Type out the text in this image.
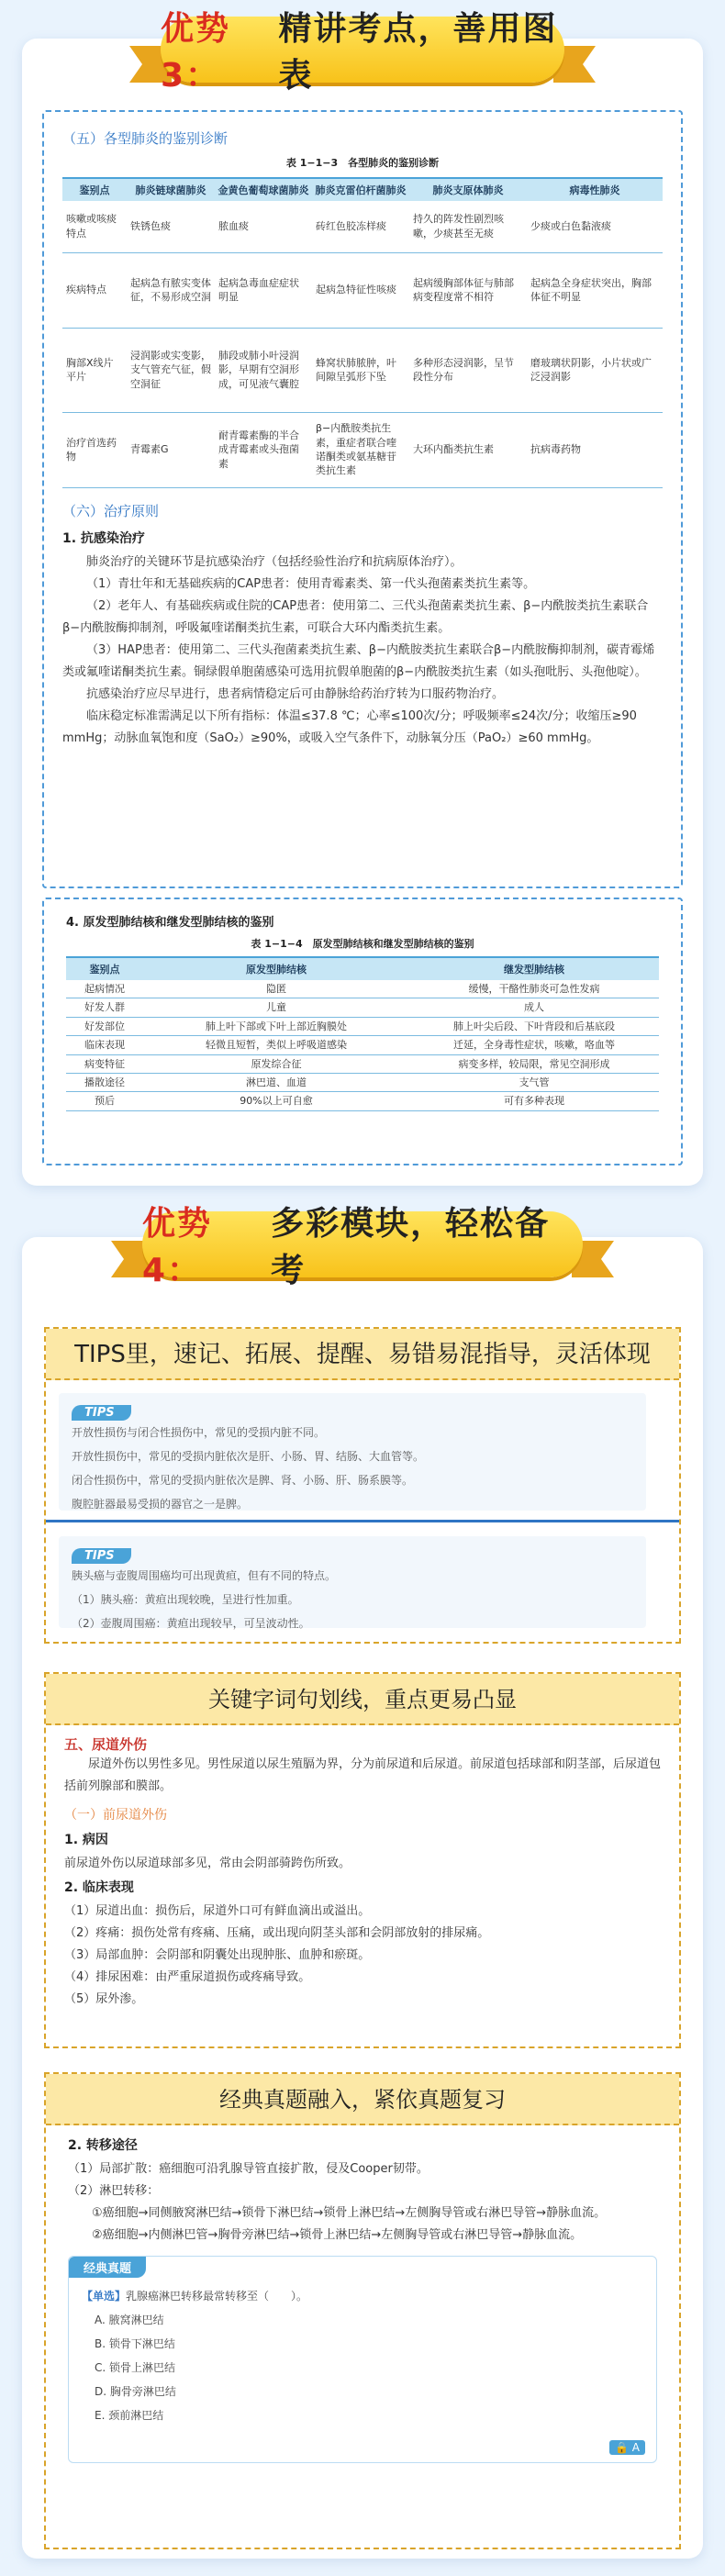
优势3：
精讲考点，善用图表
（五）各型肺炎的鉴别诊断
表 1−1−3　各型肺炎的鉴别诊断
鉴别点	肺炎链球菌肺炎	金黄色葡萄球菌肺炎	肺炎克雷伯杆菌肺炎	肺炎支原体肺炎	病毒性肺炎
咳嗽或咳痰特点	铁锈色痰	脓血痰	砖红色胶冻样痰	持久的阵发性剧烈咳嗽，少痰甚至无痰	少痰或白色黏液痰
疾病特点	起病急有脓实变体征，不易形成空洞	起病急毒血症症状明显	起病急特征性咳痰	起病缓胸部体征与肺部病变程度常不相符	起病急全身症状突出，胸部体征不明显
胸部X线片平片	浸润影或实变影，支气管充气征，假空洞征	肺段或肺小叶浸润影，早期有空洞形成，可见液气囊腔	蜂窝状肺脓肿，叶间隙呈弧形下坠	多种形态浸润影，呈节段性分布	磨玻璃状阴影，小片状或广泛浸润影
治疗首选药物	青霉素G	耐青霉素酶的半合成青霉素或头孢菌素	β−内酰胺类抗生素，重症者联合喹诺酮类或氨基糖苷类抗生素	大环内酯类抗生素	抗病毒药物
（六）治疗原则
1. 抗感染治疗

肺炎治疗的关键环节是抗感染治疗（包括经验性治疗和抗病原体治疗）。

（1）青壮年和无基础疾病的CAP患者：使用青霉素类、第一代头孢菌素类抗生素等。

（2）老年人、有基础疾病或住院的CAP患者：使用第二、三代头孢菌素类抗生素、β−内酰胺类抗生素联合β−内酰胺酶抑制剂，呼吸氟喹诺酮类抗生素，可联合大环内酯类抗生素。

（3）HAP患者：使用第二、三代头孢菌素类抗生素、β−内酰胺类抗生素联合β−内酰胺酶抑制剂，碳青霉烯类或氟喹诺酮类抗生素。铜绿假单胞菌感染可选用抗假单胞菌的β−内酰胺类抗生素（如头孢吡肟、头孢他啶）。

抗感染治疗应尽早进行，患者病情稳定后可由静脉给药治疗转为口服药物治疗。

临床稳定标准需满足以下所有指标：体温≤37.8 ℃；心率≤100次/分；呼吸频率≤24次/分；收缩压≥90 mmHg；动脉血氧饱和度（SaO₂）≥90%，或吸入空气条件下，动脉氧分压（PaO₂）≥60 mmHg。

4. 原发型肺结核和继发型肺结核的鉴别
表 1−1−4　原发型肺结核和继发型肺结核的鉴别
鉴别点	原发型肺结核	继发型肺结核
起病情况	隐匿	缓慢，干酪性肺炎可急性发病
好发人群	儿童	成人
好发部位	肺上叶下部或下叶上部近胸膜处	肺上叶尖后段、下叶背段和后基底段
临床表现	轻微且短暂，类似上呼吸道感染	迁延，全身毒性症状，咳嗽，咯血等
病变特征	原发综合征	病变多样，较局限，常见空洞形成
播散途径	淋巴道、血道	支气管
预后	90%以上可自愈	可有多种表现
优势4：
多彩模块，轻松备考
TIPS里，速记、拓展、提醒、易错易混指导，灵活体现
TIPS
开放性损伤与闭合性损伤中，常见的受损内脏不同。
开放性损伤中，常见的受损内脏依次是肝、小肠、胃、结肠、大血管等。
闭合性损伤中，常见的受损内脏依次是脾、肾、小肠、肝、肠系膜等。
腹腔脏器最易受损的器官之一是脾。
TIPS
胰头癌与壶腹周围癌均可出现黄疸，但有不同的特点。
（1）胰头癌：黄疸出现较晚，呈进行性加重。
（2）壶腹周围癌：黄疸出现较早，可呈波动性。
关键字词句划线，重点更易凸显
五、尿道外伤

尿道外伤以男性多见。男性尿道以尿生殖膈为界，分为前尿道和后尿道。前尿道包括球部和阴茎部，后尿道包括前列腺部和膜部。

（一）前尿道外伤
1. 病因

前尿道外伤以尿道球部多见，常由会阴部骑跨伤所致。

2. 临床表现

（1）尿道出血：损伤后，尿道外口可有鲜血滴出或溢出。

（2）疼痛：损伤处常有疼痛、压痛，或出现向阴茎头部和会阴部放射的排尿痛。

（3）局部血肿：会阴部和阴囊处出现肿胀、血肿和瘀斑。

（4）排尿困难：由严重尿道损伤或疼痛导致。

（5）尿外渗。

经典真题融入，紧依真题复习
2. 转移途径

（1）局部扩散：癌细胞可沿乳腺导管直接扩散，侵及Cooper韧带。

（2）淋巴转移：

①癌细胞→同侧腋窝淋巴结→锁骨下淋巴结→锁骨上淋巴结→左侧胸导管或右淋巴导管→静脉血流。

②癌细胞→内侧淋巴管→胸骨旁淋巴结→锁骨上淋巴结→左侧胸导管或右淋巴导管→静脉血流。

经典真题
【单选】乳腺癌淋巴转移最常转移至（　　）。
A. 腋窝淋巴结
B. 锁骨下淋巴结
C. 锁骨上淋巴结
D. 胸骨旁淋巴结
E. 颈前淋巴结
🔒 A
